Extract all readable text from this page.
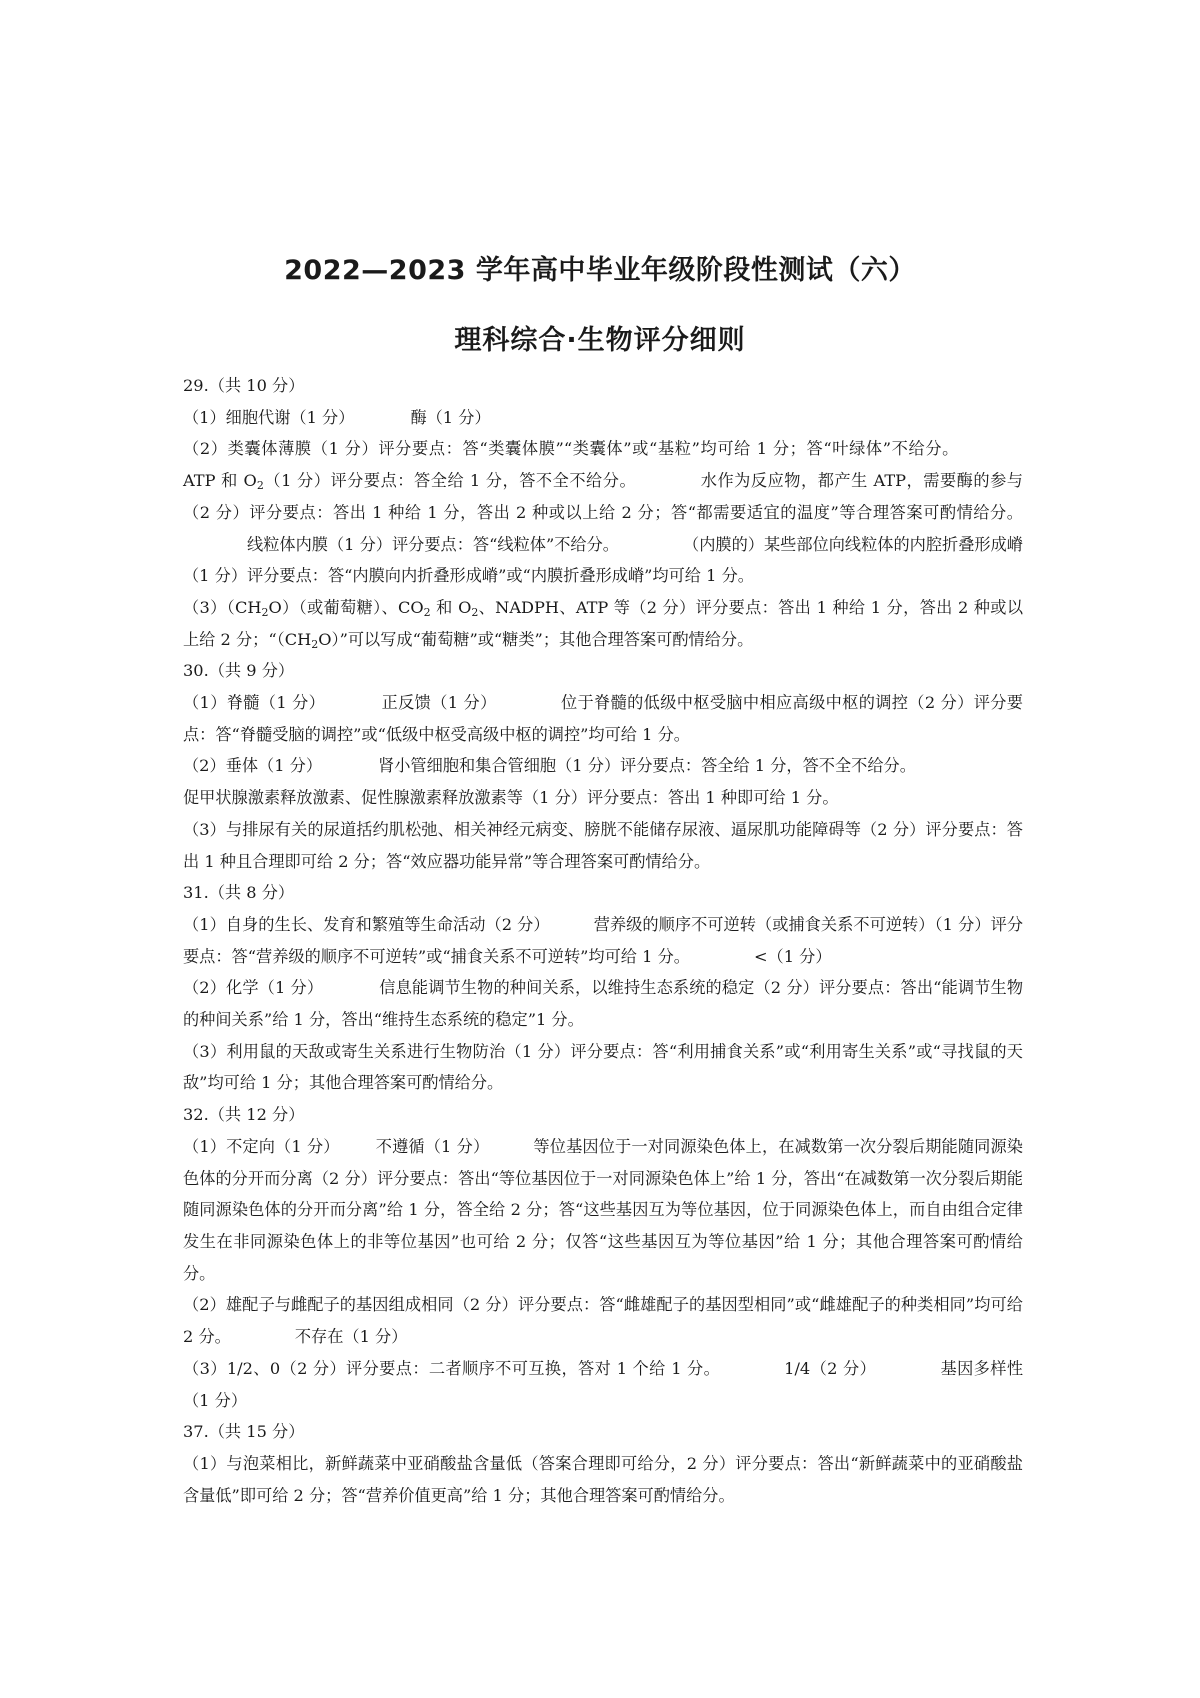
2022—2023 学年高中毕业年级阶段性测试（六）
理科综合·生物评分细则

29.（共 10 分）

（1）细胞代谢（1 分）	酶（1 分）

（2）类囊体薄膜（1 分）评分要点：答“类囊体膜”“类囊体”或“基粒”均可给 1 分；答“叶绿体”不给分。ATP 和 $O_2(1$ 分）评分要点：答全给 1 分，答不全不给分。	水作为反应物，都产生 ATP，需要酶的参与（2 分）评分要点：答出 1 种给 1 分，答出 2 种或以上给 2 分；答“都需要适宜的温度”等合理答案可酌情给分。线粒体内膜（1 分）评分要点：答“线粒体”不给分。	（内膜的）某些部位向线粒体的内腔折叠形成嵴（1 分）评分要点：答“内膜向内折叠形成嵴”或“内膜折叠形成嵴”均可给 1 分。

$(3)(CH_2O)$（或葡萄糖）、$CO_2$ 和 $O_2$、NADPH、ATP 等（2 分）评分要点：答出 1 种给 1 分，答出 2 种或以上给 2 分；“$(CH_2O)$”可以写成“葡萄糖”或“糖类”；其他合理答案可酌情给分。

30.（共 9 分）

（1）脊髓（1 分）	正反馈（1 分）	位于脊髓的低级中枢受脑中相应高级中枢的调控（2 分）评分要点：答“脊髓受脑的调控”或“低级中枢受高级中枢的调控”均可给 1 分。

（2）垂体（1 分）	肾小管细胞和集合管细胞（1 分）评分要点：答全给 1 分，答不全不给分。

促甲状腺激素释放激素、促性腺激素释放激素等（1 分）评分要点：答出 1 种即可给 1 分。

（3）与排尿有关的尿道括约肌松弛、相关神经元病变、膀胱不能储存尿液、逼尿肌功能障碍等（2 分）评分要点：答出 1 种且合理即可给 2 分；答“效应器功能异常”等合理答案可酌情给分。

31.（共 8 分）

（1）自身的生长、发育和繁殖等生命活动（2 分）	营养级的顺序不可逆转（或捕食关系不可逆转）（1 分）评分要点：答“营养级的顺序不可逆转”或“捕食关系不可逆转”均可给 1 分。	<（1 分）

（2）化学（1 分）	信息能调节生物的种间关系，以维持生态系统的稳定（2 分）评分要点：答出“能调节生物的种间关系”给 1 分，答出“维持生态系统的稳定”1 分。

（3）利用鼠的天敌或寄生关系进行生物防治（1 分）评分要点：答“利用捕食关系”或“利用寄生关系”或“寻找鼠的天敌”均可给 1 分；其他合理答案可酌情给分。

32.（共 12 分）

（1）不定向（1 分） 不遵循（1 分）	等位基因位于一对同源染色体上，在减数第一次分裂后期能随同源染色体的分开而分离（2 分）评分要点：答出“等位基因位于一对同源染色体上”给 1 分，答出“在减数第一次分裂后期能随同源染色体的分开而分离”给 1 分，答全给 2 分；答“这些基因互为等位基因，位于同源染色体上，而自由组合定律发生在非同源染色体上的非等位基因”也可给 2 分；仅答“这些基因互为等位基因”给 1 分；其他合理答案可酌情给分。

（2）雄配子与雌配子的基因组成相同（2 分）评分要点：答“雌雄配子的基因型相同”或“雌雄配子的种类相同”均可给 2 分。	不存在（1 分）

（3）1/2、0（2 分）评分要点：二者顺序不可互换，答对 1 个给 1 分。	1/4（2 分）	基因多样性（1 分）

37.（共 15 分）

（1）与泡菜相比，新鲜蔬菜中亚硝酸盐含量低（答案合理即可给分，2 分）评分要点：答出“新鲜蔬菜中的亚硝酸盐含量低”即可给 2 分；答“营养价值更高”给 1 分；其他合理答案可酌情给分。
